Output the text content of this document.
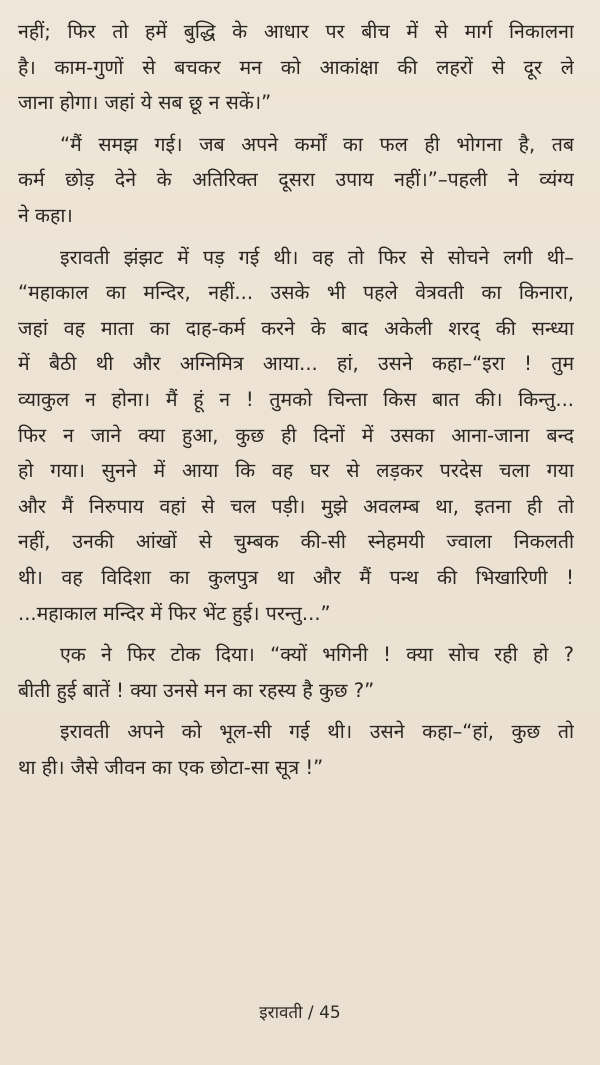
नहीं; फिर तो हमें बुद्धि के आधार पर बीच में से मार्ग निकालना
है। काम-गुणों से बचकर मन को आकांक्षा की लहरों से दूर ले
जाना होगा। जहां ये सब छू न सकें।”
“मैं समझ गई। जब अपने कर्मों का फल ही भोगना है, तब
कर्म छोड़ देने के अतिरिक्त दूसरा उपाय नहीं।”–पहली ने व्यंग्य
ने कहा।
इरावती झंझट में पड़ गई थी। वह तो फिर से सोचने लगी थी–
“महाकाल का मन्दिर, नहीं... उसके भी पहले वेत्रवती का किनारा,
जहां वह माता का दाह-कर्म करने के बाद अकेली शरद् की सन्ध्या
में बैठी थी और अग्निमित्र आया... हां, उसने कहा–“इरा ! तुम
व्याकुल न होना। मैं हूं न ! तुमको चिन्ता किस बात की। किन्तु...
फिर न जाने क्या हुआ, कुछ ही दिनों में उसका आना-जाना बन्द
हो गया। सुनने में आया कि वह घर से लड़कर परदेस चला गया
और मैं निरुपाय वहां से चल पड़ी। मुझे अवलम्ब था, इतना ही तो
नहीं, उनकी आंखों से चुम्बक की-सी स्नेहमयी ज्वाला निकलती
थी। वह विदिशा का कुलपुत्र था और मैं पन्थ की भिखारिणी !
...महाकाल मन्दिर में फिर भेंट हुई। परन्तु...”
एक ने फिर टोक दिया। “क्यों भगिनी ! क्या सोच रही हो ?
बीती हुई बातें ! क्या उनसे मन का रहस्य है कुछ ?”
इरावती अपने को भूल-सी गई थी। उसने कहा–“हां, कुछ तो
था ही। जैसे जीवन का एक छोटा-सा सूत्र !”
इरावती / 45
